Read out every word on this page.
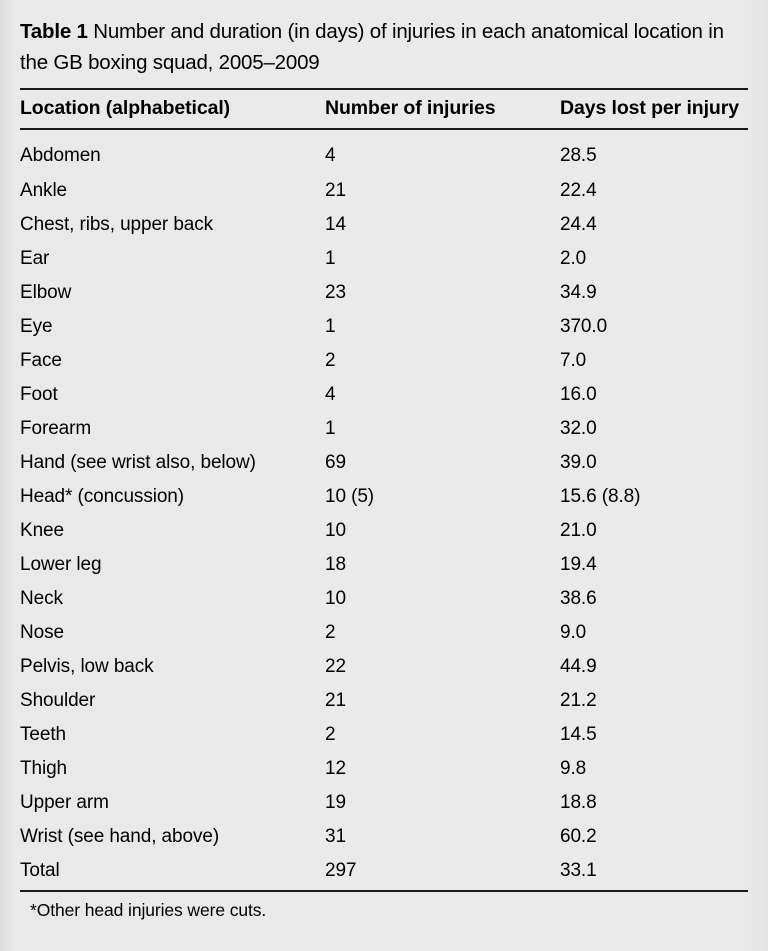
Table 1 Number and duration (in days) of injuries in each anatomical location in the GB boxing squad, 2005–2009
Location (alphabetical)	Number of injuries	Days lost per injury
Abdomen	4	28.5
Ankle	21	22.4
Chest, ribs, upper back	14	24.4
Ear	1	2.0
Elbow	23	34.9
Eye	1	370.0
Face	2	7.0
Foot	4	16.0
Forearm	1	32.0
Hand (see wrist also, below)	69	39.0
Head* (concussion)	10 (5)	15.6 (8.8)
Knee	10	21.0
Lower leg	18	19.4
Neck	10	38.6
Nose	2	9.0
Pelvis, low back	22	44.9
Shoulder	21	21.2
Teeth	2	14.5
Thigh	12	9.8
Upper arm	19	18.8
Wrist (see hand, above)	31	60.2
Total	297	33.1
*Other head injuries were cuts.
